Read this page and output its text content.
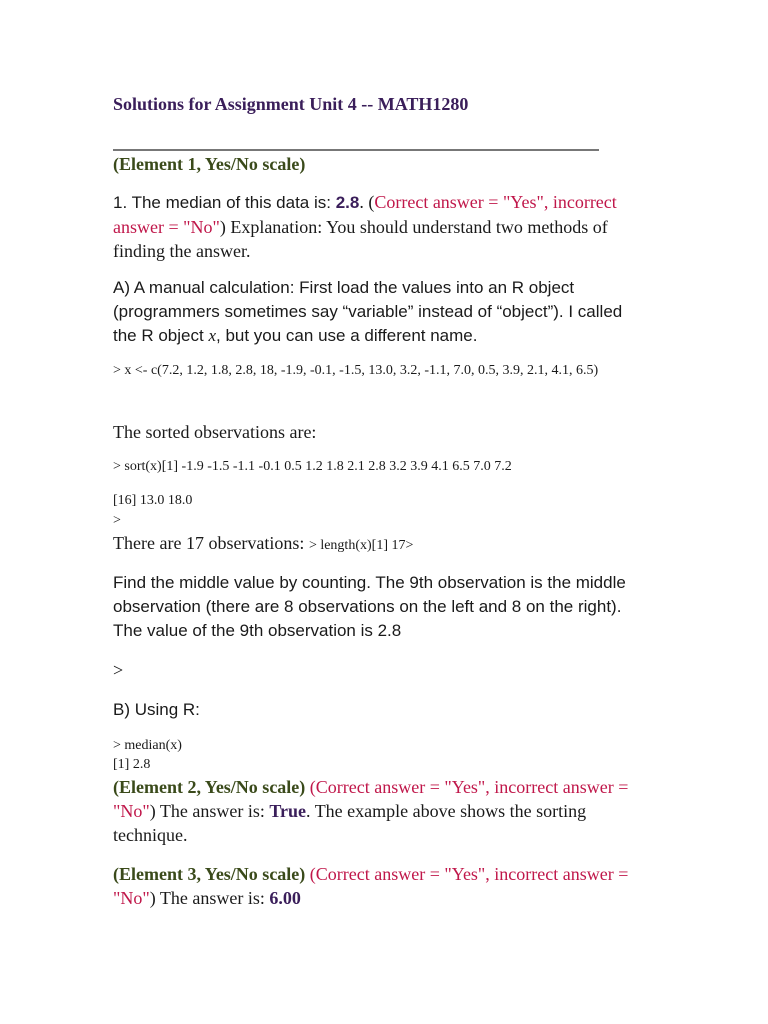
Solutions for Assignment Unit 4 -- MATH1280
(Element 1, Yes/No scale)
1. The median of this data is: 2.8. (Correct answer = "Yes", incorrect answer = "No") Explanation: You should understand two methods of finding the answer.
A) A manual calculation: First load the values into an R object (programmers sometimes say “variable” instead of “object”). I called the R object x, but you can use a different name.
> x <- c(7.2, 1.2, 1.8, 2.8, 18, -1.9, -0.1, -1.5, 13.0, 3.2, -1.1, 7.0, 0.5, 3.9, 2.1, 4.1, 6.5)
The sorted observations are:
> sort(x)[1] -1.9 -1.5 -1.1 -0.1 0.5 1.2 1.8 2.1 2.8 3.2 3.9 4.1 6.5 7.0 7.2
[16] 13.0 18.0
>
There are 17 observations: > length(x)[1] 17>
Find the middle value by counting. The 9th observation is the middle observation (there are 8 observations on the left and 8 on the right). The value of the 9th observation is 2.8
>
B) Using R:
> median(x)
[1] 2.8
(Element 2, Yes/No scale) (Correct answer = "Yes", incorrect answer = "No") The answer is: True. The example above shows the sorting technique.
(Element 3, Yes/No scale) (Correct answer = "Yes", incorrect answer = "No") The answer is: 6.00
